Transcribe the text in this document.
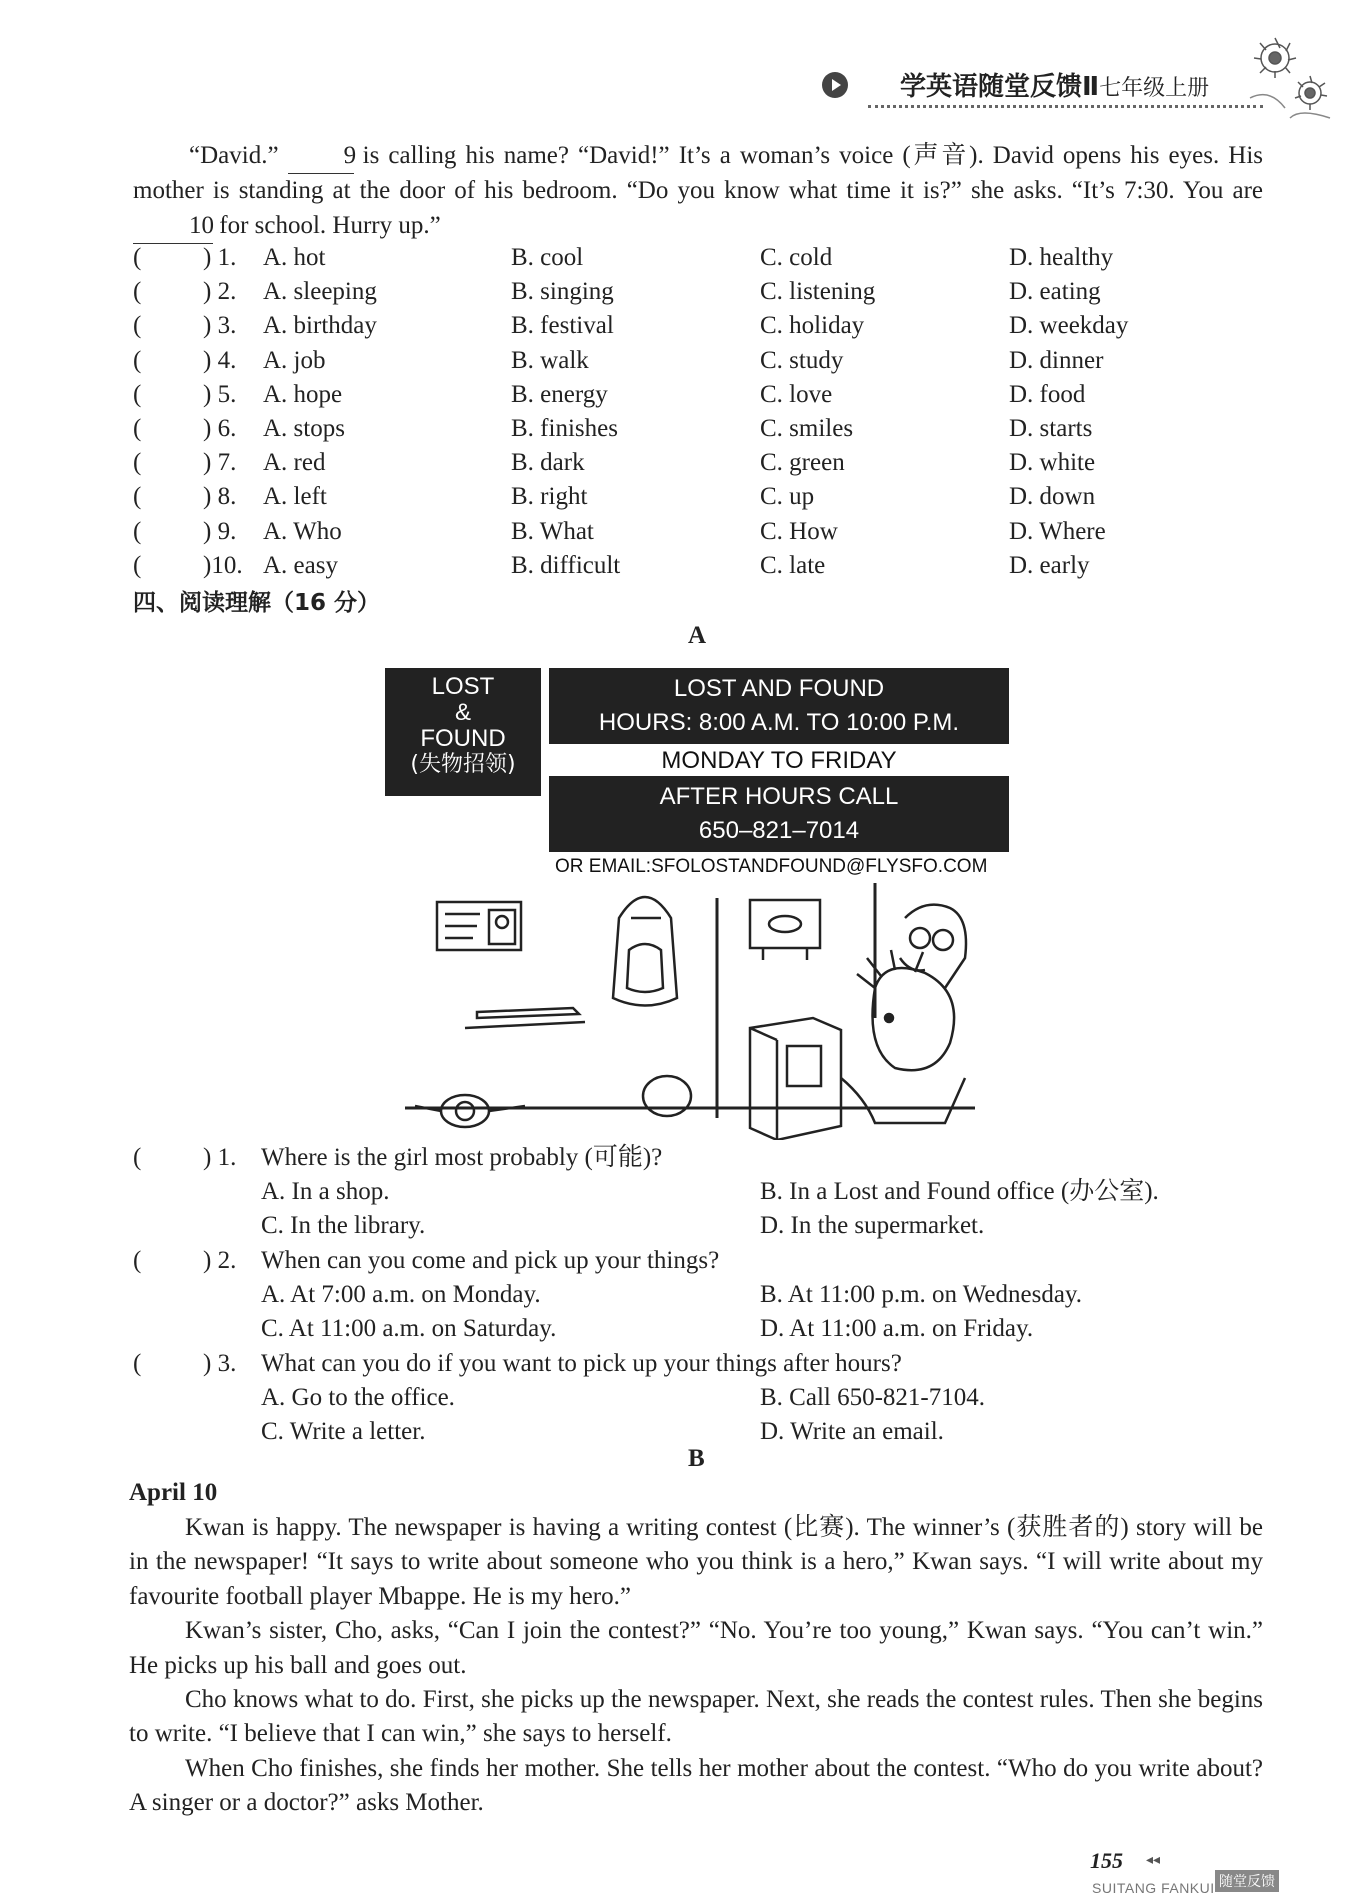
学英语随堂反馈Ⅱ七年级上册
“David.”	9 is calling his name? “David!” It’s a woman’s voice (声音). David opens his eyes. His mother is standing at the door of his bedroom. “Do you know what time it is?” she asks. “It’s 7:30. You are 10 for school. Hurry up.”
( ) 1. A. hot	B. cool	C. cold	D. healthy
( ) 2. A. sleeping	B. singing	C. listening	D. eating
( ) 3. A. birthday	B. festival	C. holiday	D. weekday
( ) 4. A. job	B. walk	C. study	D. dinner
( ) 5. A. hope	B. energy	C. love	D. food
( ) 6. A. stops	B. finishes	C. smiles	D. starts
( ) 7. A. red	B. dark	C. green	D. white
( ) 8. A. left	B. right	C. up	D. down
( ) 9. A. Who	B. What	C. How	D. Where
( )10. A. easy	B. difficult	C. late	D. early
四、阅读理解（16 分）
A
LOST
&
FOUND
(失物招领)
LOST AND FOUND
HOURS: 8:00 A.M. TO 10:00 P.M.
MONDAY TO FRIDAY
AFTER HOURS CALL
650–821–7014
OR EMAIL:SFOLOSTANDFOUND@FLYSFO.COM
( ) 1. Where is the girl most probably (可能)?
A. In a shop.	B. In a Lost and Found office (办公室).
C. In the library.	D. In the supermarket.
( ) 2. When can you come and pick up your things?
A. At 7:00 a.m. on Monday.	B. At 11:00 p.m. on Wednesday.
C. At 11:00 a.m. on Saturday.	D. At 11:00 a.m. on Friday.
( ) 3. What can you do if you want to pick up your things after hours?
A. Go to the office.	B. Call 650-821-7104.
C. Write a letter.	D. Write an email.
B
April 10

Kwan is happy. The newspaper is having a writing contest (比赛). The winner’s (获胜者的) story will be in the newspaper! “It says to write about someone who you think is a hero,” Kwan says. “I will write about my favourite football player Mbappe. He is my hero.”

Kwan’s sister, Cho, asks, “Can I join the contest?” “No. You’re too young,” Kwan says. “You can’t win.” He picks up his ball and goes out.

Cho knows what to do. First, she picks up the newspaper. Next, she reads the contest rules. Then she begins to write. “I believe that I can win,” she says to herself.

When Cho finishes, she finds her mother. She tells her mother about the contest. “Who do you write about? A singer or a doctor?” asks Mother.

155 ◂◂
SUITANG FANKUI 随堂反馈
